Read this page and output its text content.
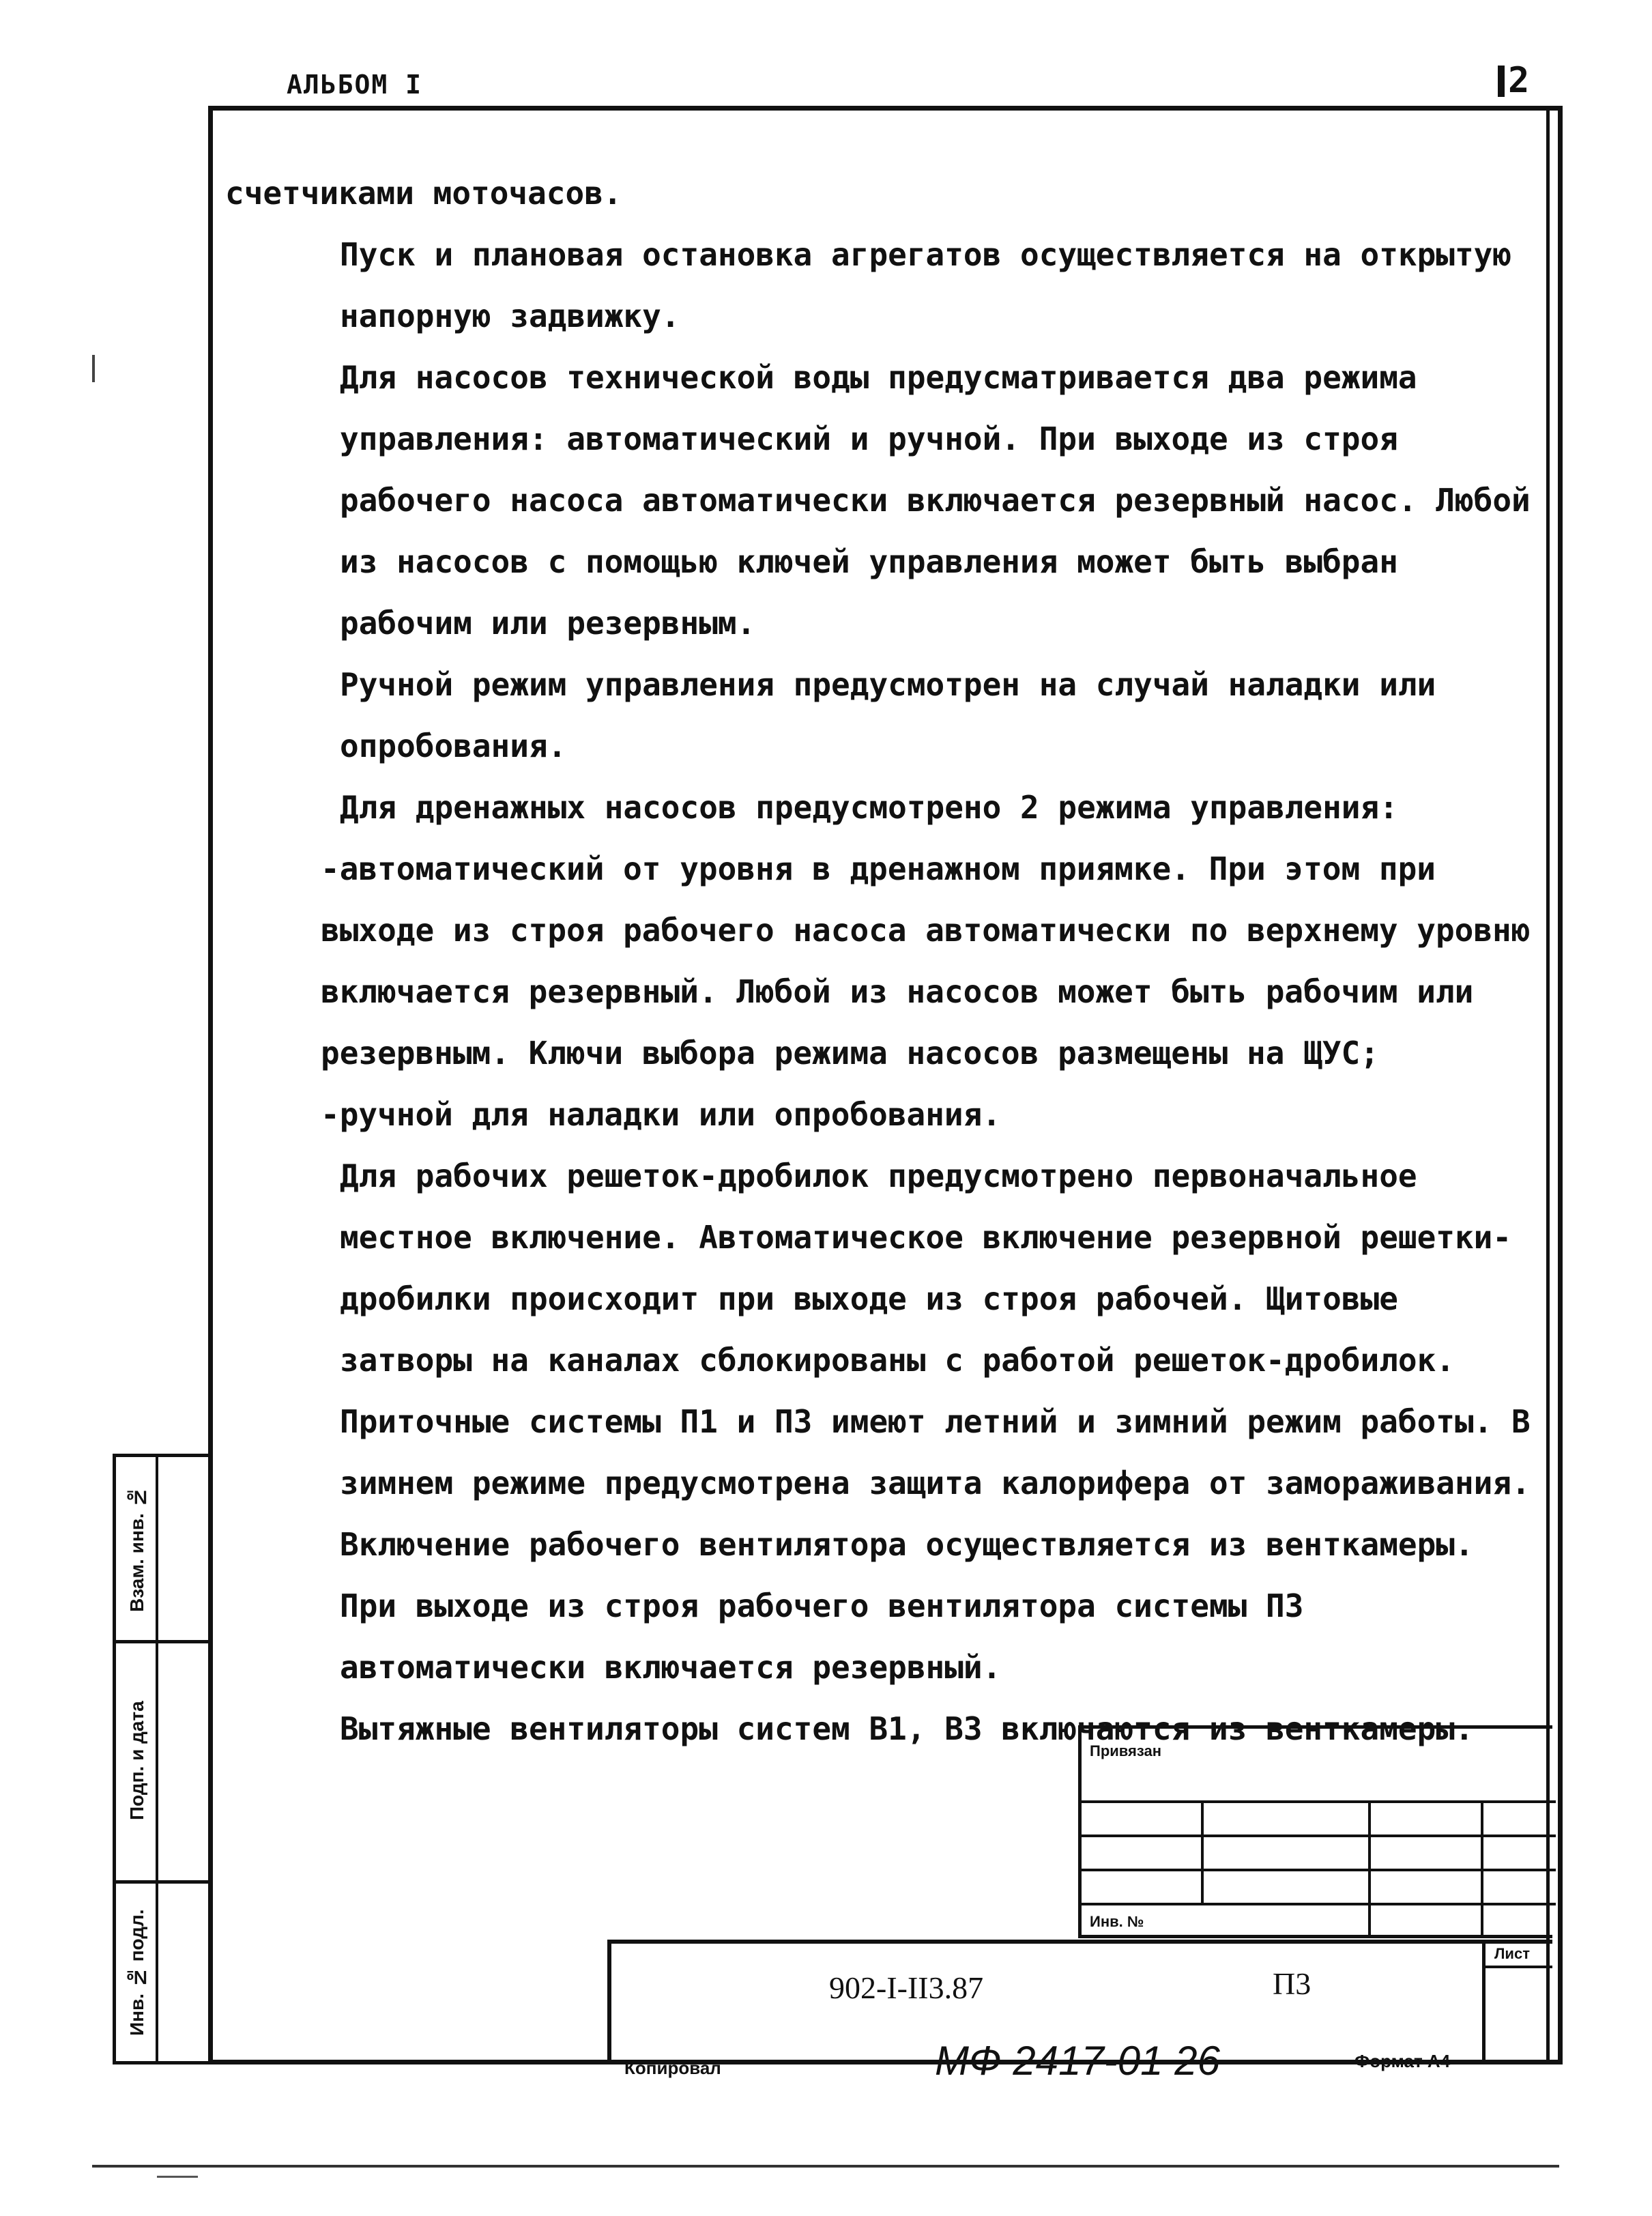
АЛЬБОМ I	2

счетчиками моточасов.

Пуск и плановая остановка агрегатов осуществляется на открытую напорную задвижку.

Для насосов технической воды предусматривается два режима управления: автоматический и ручной. При выходе из строя рабочего насоса автоматически включается резервный насос. Любой из насосов с помощью ключей управления может быть выбран рабочим или резервным.

Ручной режим управления предусмотрен на случай наладки или опробования.

Для дренажных насосов предусмотрено 2 режима управления:

-автоматический от уровня в дренажном приямке. При этом при выходе из строя рабочего насоса автоматически по верхнему уровню включается резервный. Любой из насосов может быть рабочим или резервным. Ключи выбора режима насосов размещены на ЩУС;

-ручной для наладки или опробования.

Для рабочих решеток-дробилок предусмотрено первоначальное местное включение. Автоматическое включение резервной решетки-дробилки происходит при выходе из строя рабочей. Щитовые затворы на каналах сблокированы с работой решеток-дробилок.

Приточные системы П1 и П3 имеют летний и зимний режим работы. В зимнем режиме предусмотрена защита калорифера от замораживания. Включение рабочего вентилятора осуществляется из венткамеры. При выходе из строя рабочего вентилятора системы П3 автоматически включается резервный.

Вытяжные вентиляторы систем В1, В3 включаются из венткамеры.

Взам. инв. №
Подп. и дата
Инв. № подл.
Привязан
Инв. №
Лист
902-I-II3.87	П3
Копировал	МФ 2417-01 26	Формат А4
